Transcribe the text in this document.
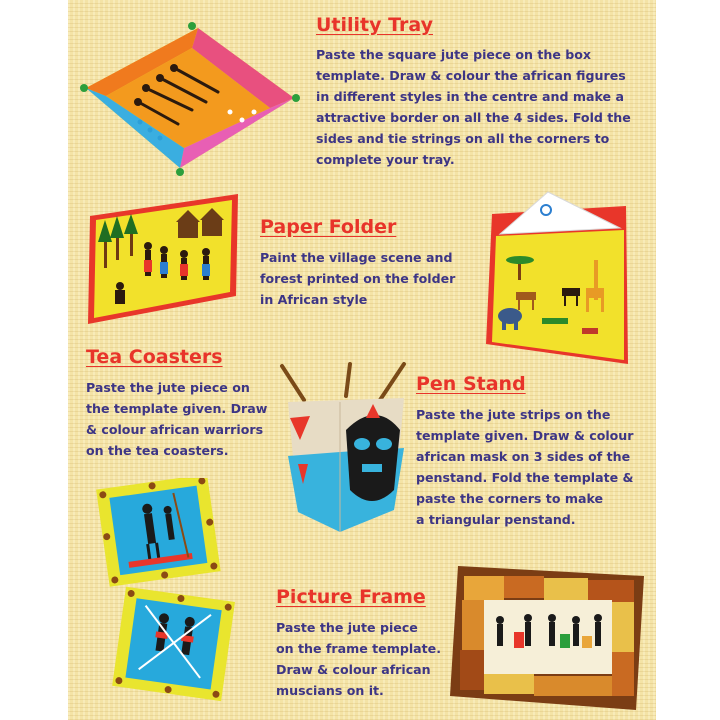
Utility Tray
Paste the square jute piece on the box
template. Draw & colour the african figures
in different styles in the centre and make a
attractive border on all the 4 sides. Fold the
sides and tie strings on all the corners to
complete your tray.
Paper Folder
Paint the village scene and
forest printed on the folder
in African style
Tea Coasters
Paste the jute piece on
the template given. Draw
& colour african warriors
on the tea coasters.
Pen Stand
Paste the jute strips on the
template given. Draw & colour
african mask on 3 sides of the
penstand. Fold the template &
paste the corners to make
a triangular penstand.
Picture Frame
Paste the jute piece
on the frame template.
Draw & colour african
muscians on it.
